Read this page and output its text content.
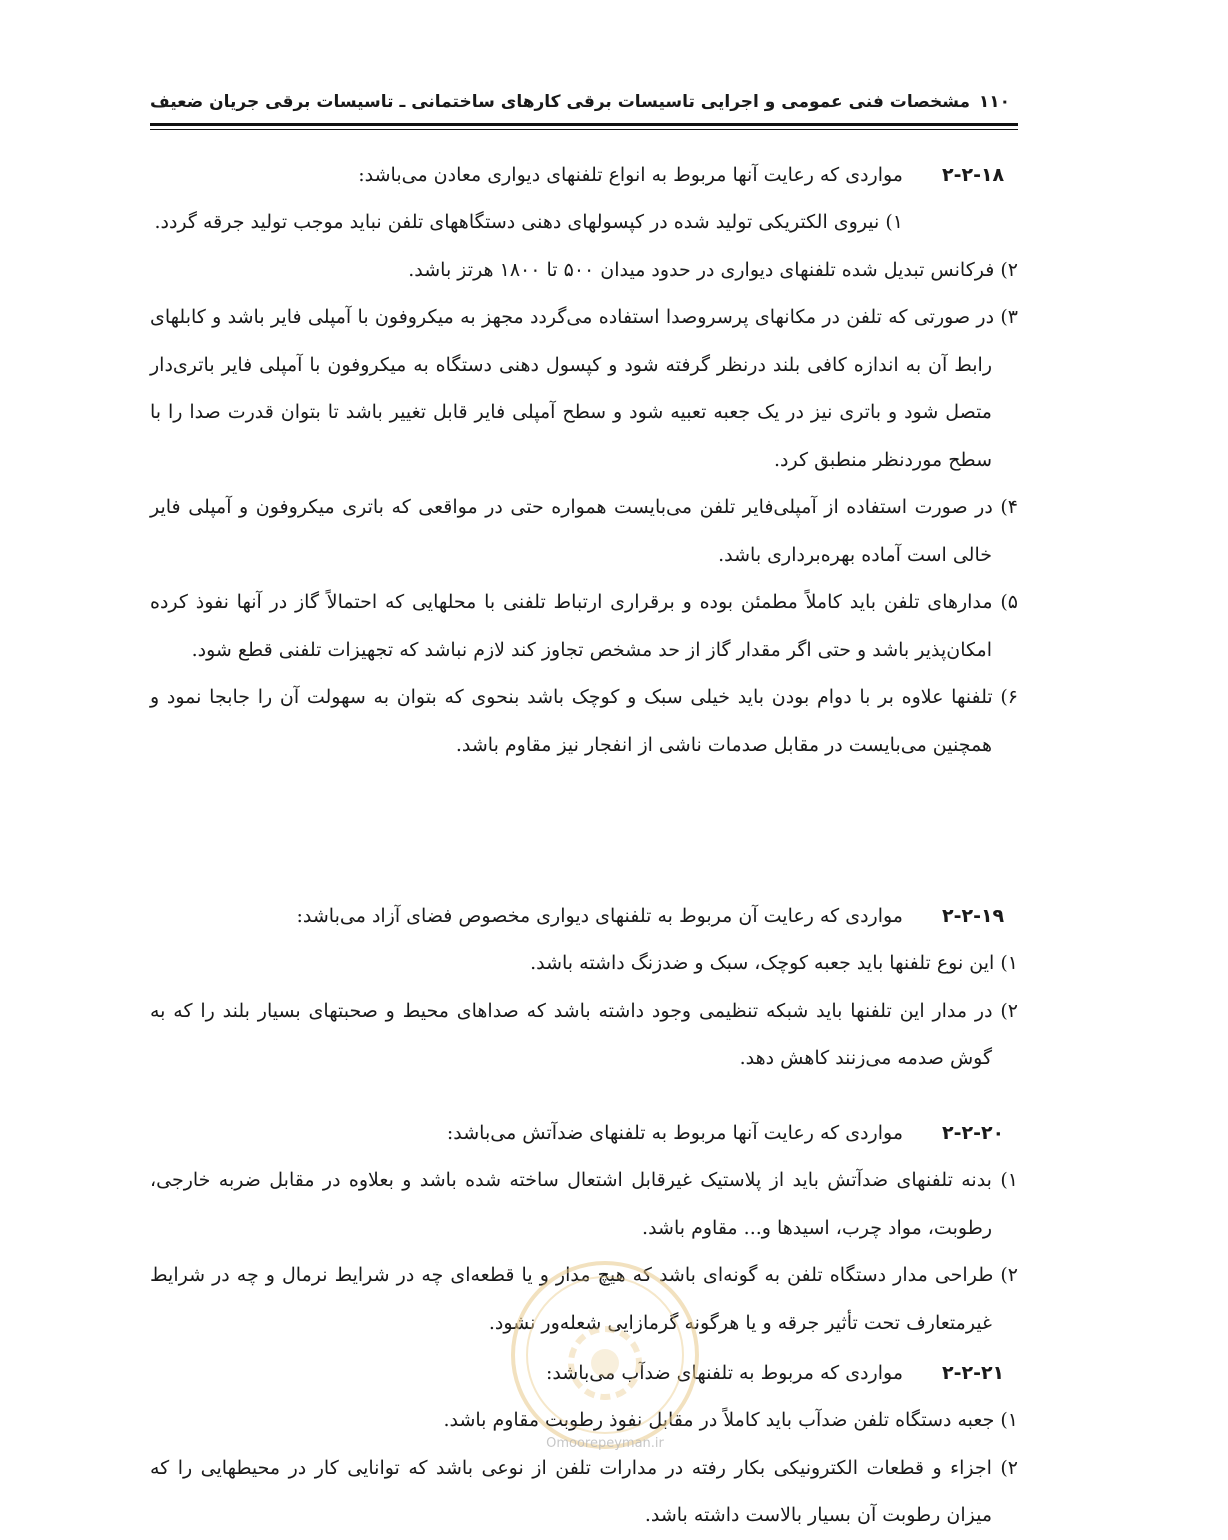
۱۱۰
مشخصات فنی عمومی و اجرایی تاسیسات برقی کارهای ساختمانی ـ تاسیسات برقی جریان ضعیف
۲-۲-۱۸
مواردی که رعایت آنها مربوط به انواع تلفنهای دیواری معادن می‌باشد:

۱) نیروی الکتریکی تولید شده در کپسولهای دهنی دستگاههای تلفن نباید موجب تولید جرقه گردد.

۲) فرکانس تبدیل شده تلفنهای دیواری در حدود میدان ۵۰۰ تا ۱۸۰۰ هرتز باشد.

۳) در صورتی که تلفن در مکانهای پرسروصدا استفاده می‌گردد مجهز به میکروفون با آمپلی فایر باشد و کابلهای رابط آن به اندازه کافی بلند درنظر گرفته شود و کپسول دهنی دستگاه به میکروفون با آمپلی فایر باتری‌دار متصل شود و باتری نیز در یک جعبه تعبیه شود و سطح آمپلی فایر قابل تغییر باشد تا بتوان قدرت صدا را با سطح موردنظر منطبق کرد.

۴) در صورت استفاده از آمپلی‌فایر تلفن می‌بایست همواره حتی در مواقعی که باتری میکروفون و آمپلی فایر خالی است آماده بهره‌برداری باشد.

۵) مدارهای تلفن باید کاملاً مطمئن بوده و برقراری ارتباط تلفنی با محلهایی که احتمالاً گاز در آنها نفوذ کرده امکان‌پذیر باشد و حتی اگر مقدار گاز از حد مشخص تجاوز کند لازم نباشد که تجهیزات تلفنی قطع شود.

۶) تلفنها علاوه بر با دوام بودن باید خیلی سبک و کوچک باشد بنحوی که بتوان به سهولت آن را جابجا نمود و همچنین می‌بایست در مقابل صدمات ناشی از انفجار نیز مقاوم باشد.

۲-۲-۱۹
مواردی که رعایت آن مربوط به تلفنهای دیواری مخصوص فضای آزاد می‌باشد:

۱) این نوع تلفنها باید جعبه کوچک، سبک و ضدزنگ داشته باشد.

۲) در مدار این تلفنها باید شبکه تنظیمی وجود داشته باشد که صداهای محیط و صحبتهای بسیار بلند را که به گوش صدمه می‌زنند کاهش دهد.

۲-۲-۲۰
مواردی که رعایت آنها مربوط به تلفنهای ضدآتش می‌باشد:

۱) بدنه تلفنهای ضدآتش باید از پلاستیک غیرقابل اشتعال ساخته شده باشد و بعلاوه در مقابل ضربه خارجی، رطوبت، مواد چرب، اسیدها و... مقاوم باشد.

۲) طراحی مدار دستگاه تلفن به گونه‌ای باشد که هیچ مدار و یا قطعه‌ای چه در شرایط نرمال و چه در شرایط غیرمتعارف تحت تأثیر جرقه و یا هرگونه گرمازایی شعله‌ور نشود.

۲-۲-۲۱
مواردی که مربوط به تلفنهای ضدآب می‌باشد:

۱) جعبه دستگاه تلفن ضدآب باید کاملاً در مقابل نفوذ رطوبت مقاوم باشد.

۲) اجزاء و قطعات الکترونیکی بکار رفته در مدارات تلفن از نوعی باشد که توانایی کار در محیطهایی را که میزان رطوبت آن بسیار بالاست داشته باشد.

Omoorepeyman.ir
